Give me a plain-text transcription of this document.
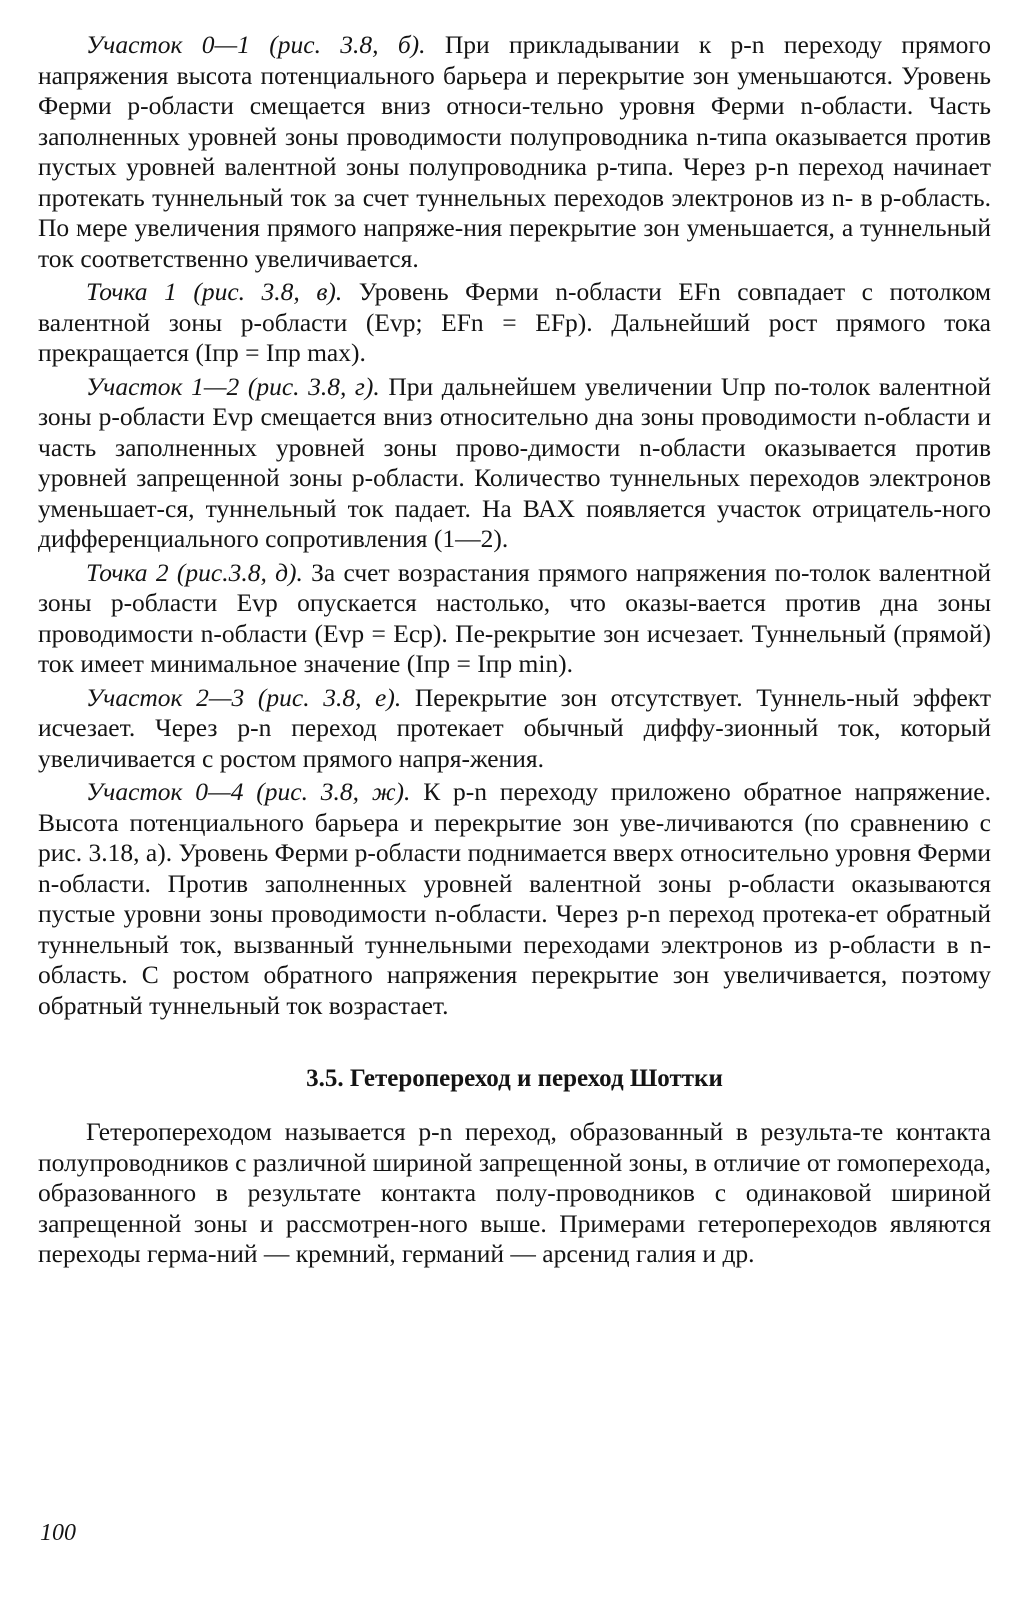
Участок 0—1 (рис. 3.8, б). При прикладывании к p-n переходу прямого напряжения высота потенциального барьера и перекрытие зон уменьшаются. Уровень Ферми p-области смещается вниз относи-тельно уровня Ферми n-области. Часть заполненных уровней зоны проводимости полупроводника n-типа оказывается против пустых уровней валентной зоны полупроводника p-типа. Через p-n переход начинает протекать туннельный ток за счет туннельных переходов электронов из n- в p-область. По мере увеличения прямого напряже-ния перекрытие зон уменьшается, а туннельный ток соответственно увеличивается.

Точка 1 (рис. 3.8, в). Уровень Ферми n-области EFn совпадает с потолком валентной зоны p-области (Evp; EFn = EFp). Дальнейший рост прямого тока прекращается (Iпр = Iпр max).

Участок 1—2 (рис. 3.8, г). При дальнейшем увеличении Uпр по-толок валентной зоны p-области Evp смещается вниз относительно дна зоны проводимости n-области и часть заполненных уровней зоны прово-димости n-области оказывается против уровней запрещенной зоны p-области. Количество туннельных переходов электронов уменьшает-ся, туннельный ток падает. На ВАХ появляется участок отрицатель-ного дифференциального сопротивления (1—2).

Точка 2 (рис.3.8, д). За счет возрастания прямого напряжения по-толок валентной зоны p-области Evp опускается настолько, что оказы-вается против дна зоны проводимости n-области (Evp = Ecp). Пе-рекрытие зон исчезает. Туннельный (прямой) ток имеет минимальное значение (Iпр = Iпр min).

Участок 2—3 (рис. 3.8, е). Перекрытие зон отсутствует. Туннель-ный эффект исчезает. Через p-n переход протекает обычный диффу-зионный ток, который увеличивается с ростом прямого напря-жения.

Участок 0—4 (рис. 3.8, ж). К p-n переходу приложено обратное напряжение. Высота потенциального барьера и перекрытие зон уве-личиваются (по сравнению с рис. 3.18, а). Уровень Ферми p-области поднимается вверх относительно уровня Ферми n-области. Против заполненных уровней валентной зоны p-области оказываются пустые уровни зоны проводимости n-области. Через p-n переход протека-ет обратный туннельный ток, вызванный туннельными переходами электронов из p-области в n-область. С ростом обратного напряжения перекрытие зон увеличивается, поэтому обратный туннельный ток возрастает.

3.5. Гетеропереход и переход Шоттки

Гетеропереходом называется p-n переход, образованный в результа-те контакта полупроводников с различной шириной запрещенной зоны, в отличие от гомоперехода, образованного в результате контакта полу-проводников с одинаковой шириной запрещенной зоны и рассмотрен-ного выше. Примерами гетеропереходов являются переходы герма-ний — кремний, германий — арсенид галия и др.

100
